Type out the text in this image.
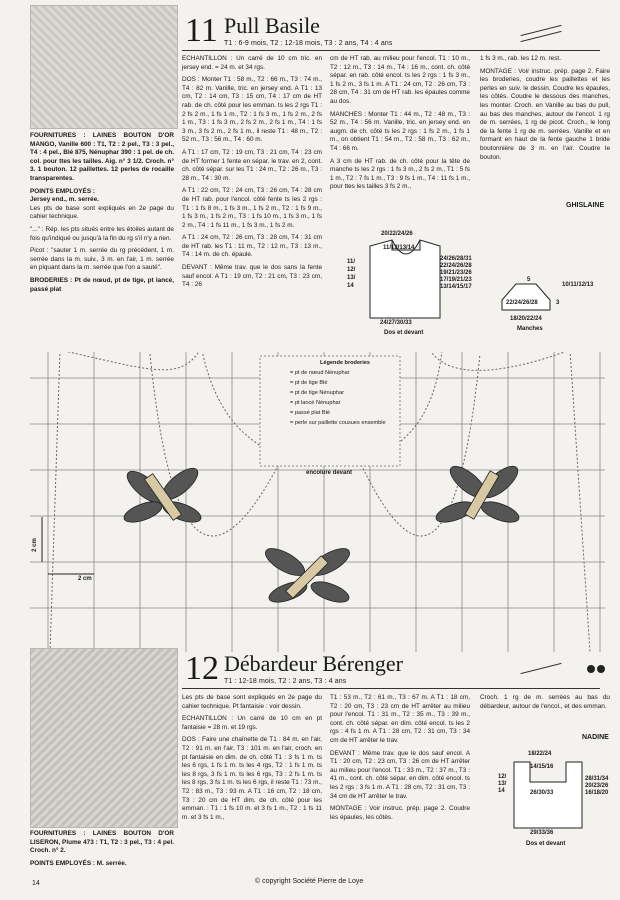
11 Pull Basile
T1 : 6-9 mois, T2 : 12-18 mois, T3 : 2 ans, T4 : 4 ans

FOURNITURES : LAINES BOUTON D'OR MANGO, Vanille 600 : T1, T2 : 2 pel., T3 : 3 pel., T4 : 4 pel., Blé 875, Nénuphar 390 : 1 pel. de ch. col. pour ttes les tailles. Aig. n° 3 1/2. Croch. n° 3. 1 bouton. 12 paillettes. 12 perles de rocaille transparentes.

POINTS EMPLOYÉS :
Jersey end., m. serrée.
Les pts de base sont expliqués en 2e page du cahier technique.

"..." : Rép. les pts situés entre les étoiles autant de fois qu'indiqué ou jusqu'à la fin du rg s'il n'y a rien.

Picot : "sauter 1 m. serrée du rg précédent, 1 m. serrée dans la m. suiv., 3 m. en l'air, 1 m. serrée en piquant dans la m. serrée que l'on a sauté".

BRODERIES : Pt de nœud, pt de tige, pt lancé, passé plat

ECHANTILLON : Un carré de 10 cm tric. en jersey end. = 24 m. et 34 rgs.

DOS : Monter T1 : 58 m., T2 : 66 m., T3 : 74 m., T4 : 82 m. Vanille, tric. en jersey end. A T1 : 13 cm, T2 : 14 cm, T3 : 15 cm, T4 : 17 cm de HT rab. de ch. côté pour les emman. ts les 2 rgs T1 : 2 fs 2 m., 1 fs 1 m., T2 : 1 fs 3 m., 1 fs 2 m., 2 fs 1 m., T3 : 1 fs 3 m., 2 fs 2 m., 2 fs 1 m., T4 : 1 fs 3 m., 3 fs 2 m., 2 fs 1 m., il reste T1 : 48 m., T2 : 52 m., T3 : 56 m., T4 : 60 m.

A T1 : 17 cm, T2 : 19 cm, T3 : 21 cm, T4 : 23 cm de HT former 1 fente en sépar. le trav. en 2, cont. ch. côté sépar. sur les T1 : 24 m., T2 : 26 m., T3 : 28 m., T4 : 30 m.

A T1 : 22 cm, T2 : 24 cm, T3 : 26 cm, T4 : 28 cm de HT rab. pour l'encol. côté fente ts les 2 rgs : T1 : 1 fs 8 m., 1 fs 3 m., 1 fs 2 m., T2 : 1 fs 9 m., 1 fs 3 m., 1 fs 2 m., T3 : 1 fs 10 m., 1 fs 3 m., 1 fs 2 m., T4 : 1 fs 11 m., 1 fs 3 m., 1 fs 2 m.

A T1 : 24 cm, T2 : 26 cm, T3 : 28 cm, T4 : 31 cm de HT rab. les T1 : 11 m., T2 : 12 m., T3 : 13 m., T4 : 14 m. de ch. épaule.

DEVANT : Même trav. que le dos sans la fente sauf encol. A T1 : 19 cm, T2 : 21 cm, T3 : 23 cm, T4 : 26

cm de HT rab. au milieu pour l'encol. T1 : 10 m., T2 : 12 m., T3 : 14 m., T4 : 16 m., cont. ch. côté sépar. en rab. côté encol. ts les 2 rgs : 1 fs 3 m., 1 fs 2 m., 3 fs 1 m. A T1 : 24 cm, T2 : 26 cm, T3 : 28 cm, T4 : 31 cm de HT rab. les épaules comme au dos.

MANCHES : Monter T1 : 44 m., T2 : 48 m., T3 : 52 m., T4 : 56 m. Vanille, tric. en jersey end. en augm. de ch. côté ts les 2 rgs : 1 fs 2 m., 1 fs 1 m., on obtient T1 : 54 m., T2 : 58 m., T3 : 62 m., T4 : 66 m.

A 3 cm de HT rab. de ch. côté pour la tête de manche ts les 2 rgs : 1 fs 3 m., 2 fs 2 m., T1 : 5 fs 1 m., T2 : 7 fs 1 m., T3 : 9 fs 1 m., T4 : 11 fs 1 m., pour ttes les tailles 3 fs 2 m.,

1 fs 3 m., rab. les 12 m. rest.

MONTAGE : Voir instruc. prép. page 2. Faire les broderies, coudre les paillettes et les perles en suiv. le dessin. Coudre les épaules, les côtés. Coudre le dessous des manches, les monter. Croch. en Vanille au bas du pull, au bas des manches, autour de l'encol. 1 rg de m. serrées, 1 rg de picot. Croch., le long de la fente 1 rg de m. serrées. Vanille et en formant en haut de la fente gauche 1 bride boutonnière de 3 m. en l'air. Coudre le bouton.

GHISLAINE
20/22/24/26
11/12/13/14
11/
12/
13/
14
24/26/28/31
22/24/26/28
19/21/23/26
17/19/21/23
13/14/15/17
24/27/30/33
Dos et devant
5
10/11/12/13
22/24/26/28	3
18/20/22/24
Manches
Légende broderies
= pt de nœud Nénuphar
= pt de tige Blé
= pt de tige Nénuphar
= pt lancé Nénuphar
= passé plat Blé
= perle sur paillette cousues ensemble
encolure devant
2 cm
2 cm
12 Débardeur Bérenger
T1 : 12-18 mois, T2 : 2 ans, T3 : 4 ans

FOURNITURES : LAINES BOUTON D'OR LISERON, Plume 473 : T1, T2 : 3 pel., T3 : 4 pel. Croch. n° 2.

POINTS EMPLOYÉS : M. serrée.

Les pts de base sont expliqués en 2e page du cahier technique. Pt fantaisie : voir dessin.

ECHANTILLON : Un carré de 10 cm en pt fantaisie = 28 m. et 19 rgs.

DOS : Faire une chaînette de T1 : 84 m. en l'air, T2 : 91 m. en l'air, T3 : 101 m. en l'air, croch. en pt fantaisie en dim. de ch. côté T1 : 3 fs 1 m. ts les 6 rgs, 1 fs 1 m. ts les 4 rgs, T2 : 1 fs 1 m. ts les 8 rgs, 3 fs 1 m. ts les 6 rgs, T3 : 2 fs 1 m. ts les 8 rgs, 3 fs 1 m. ts les 6 rgs, il reste T1 : 73 m., T2 : 83 m., T3 : 93 m. A T1 : 16 cm, T2 : 18 cm, T3 : 20 cm de HT dim. de ch. côté pour les emman. : T1 : 1 fs 10 m. et 3 fs 1 m., T2 : 1 fs 11 m. et 3 fs 1 m.,

T1 : 53 m., T2 : 61 m., T3 : 67 m. A T1 : 18 cm, T2 : 20 cm, T3 : 23 cm de HT arrêter au milieu pour l'encol. T1 : 31 m., T2 : 35 m., T3 : 39 m., cont. ch. côté sépar. en dim. côté encol. ts les 2 rgs : 4 fs 1 m. A T1 : 28 cm, T2 : 31 cm, T3 : 34 cm de HT arrêter le trav.

DEVANT : Même trav. que le dos sauf encol. A T1 : 20 cm, T2 : 23 cm, T3 : 26 cm de HT arrêter au milieu pour l'encol. T1 : 33 m., T2 : 37 m., T3 : 41 m., cont. ch. côté sépar. en dim. côté encol. ts les 2 rgs : 3 fs 1 m. A T1 : 28 cm, T2 : 31 cm, T3 : 34 cm de HT arrêter le trav.

MONTAGE : Voir instruc. prép. page 2. Coudre les épaules, les côtés.

Croch. 1 rg de m. serrées au bas du débardeur, autour de l'encol., et des emman.

NADINE
18/22/24
14/15/16
12/
13/
14	26/30/33
28/31/34
20/23/26
16/18/20
29/33/36
Dos et devant
14	© copyright Société Pierre de Loye
